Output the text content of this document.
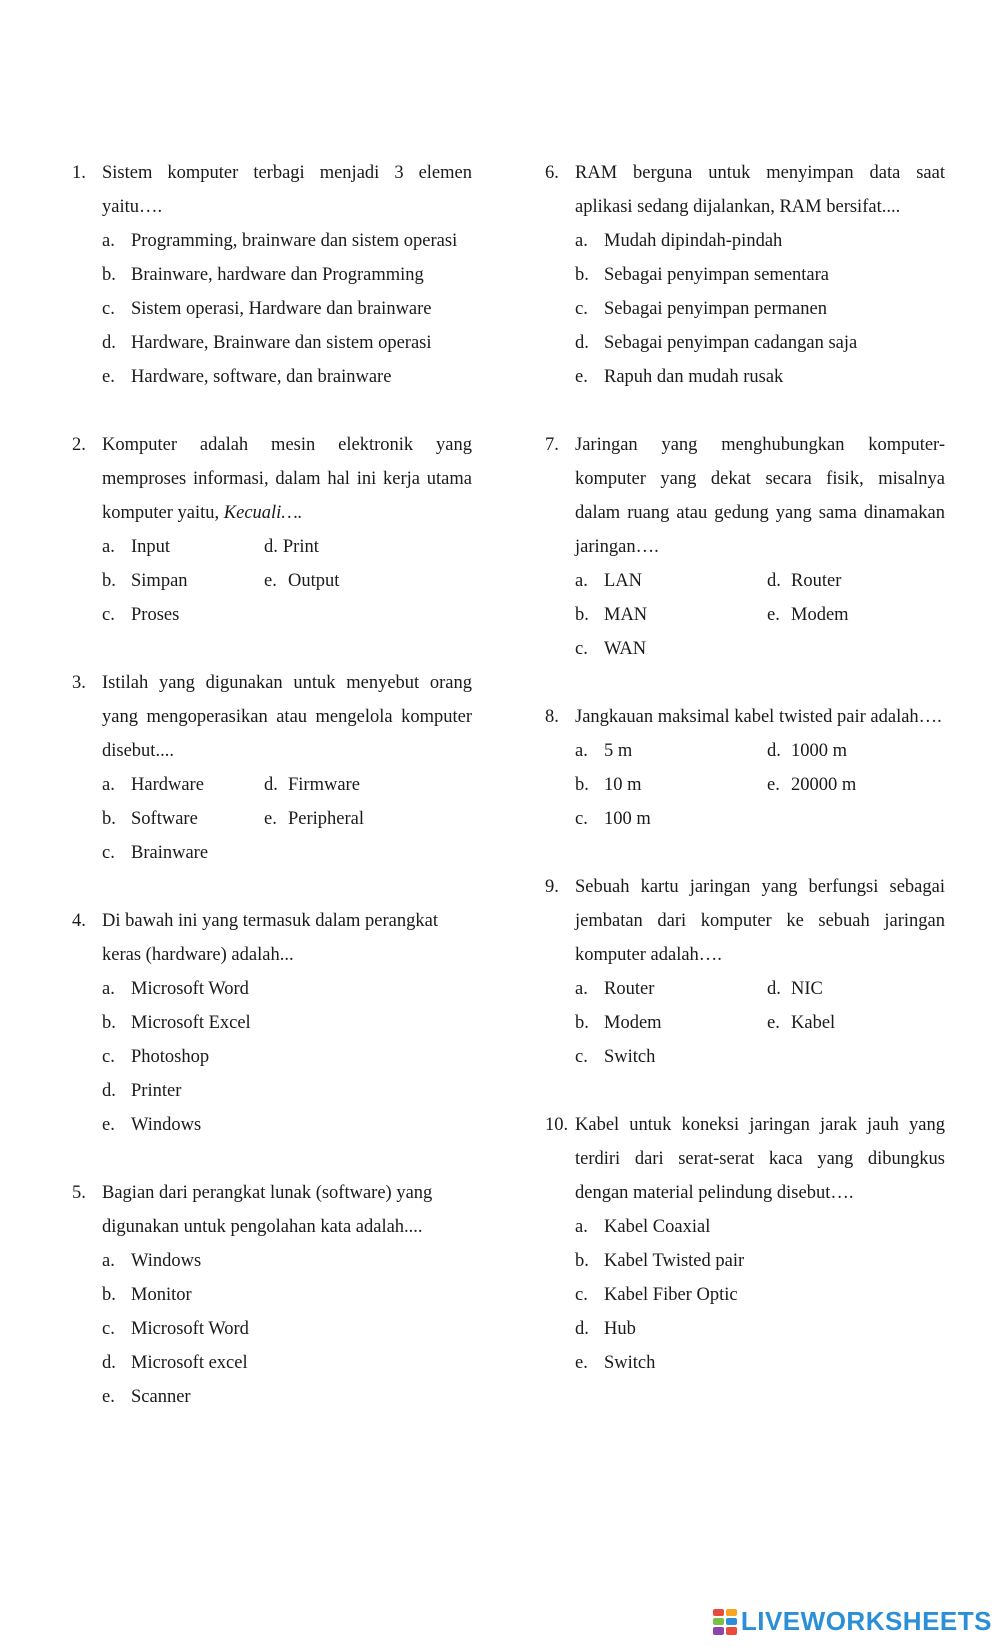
1. Sistem komputer terbagi menjadi 3 elemen
yaitu….
a. Programming, brainware dan sistem operasi
b. Brainware, hardware dan Programming
c. Sistem operasi, Hardware dan brainware
d. Hardware, Brainware dan sistem operasi
e. Hardware, software, dan brainware
2. Komputer adalah mesin elektronik yang memproses informasi, dalam hal ini kerja utama komputer yaitu, Kecuali….
a. Input	d. Print
b. Simpan	e. Output
c. Proses
3. Istilah yang digunakan untuk menyebut orang yang mengoperasikan atau mengelola komputer disebut....
a. Hardware	d. Firmware
b. Software	e. Peripheral
c. Brainware
4. Di bawah ini yang termasuk dalam perangkat keras (hardware) adalah...
a. Microsoft Word
b. Microsoft Excel
c. Photoshop
d. Printer
e. Windows
5. Bagian dari perangkat lunak (software) yang digunakan untuk pengolahan kata adalah....
a. Windows
b. Monitor
c. Microsoft Word
d. Microsoft excel
e. Scanner
6. RAM berguna untuk menyimpan data saat aplikasi sedang dijalankan, RAM bersifat....
a. Mudah dipindah-pindah
b. Sebagai penyimpan sementara
c. Sebagai penyimpan permanen
d. Sebagai penyimpan cadangan saja
e. Rapuh dan mudah rusak
7. Jaringan yang menghubungkan komputer-komputer yang dekat secara fisik, misalnya dalam ruang atau gedung yang sama dinamakan jaringan….
a. LAN	d. Router
b. MAN	e. Modem
c. WAN
8. Jangkauan maksimal kabel twisted pair adalah….
a. 5 m	d. 1000 m
b. 10 m	e. 20000 m
c. 100 m
9. Sebuah kartu jaringan yang berfungsi sebagai jembatan dari komputer ke sebuah jaringan komputer adalah….
a. Router	d. NIC
b. Modem	e. Kabel
c. Switch
10. Kabel untuk koneksi jaringan jarak jauh yang terdiri dari serat-serat kaca yang dibungkus dengan material pelindung disebut….
a. Kabel Coaxial
b. Kabel Twisted pair
c. Kabel Fiber Optic
d. Hub
e. Switch
LIVEWORKSHEETS
